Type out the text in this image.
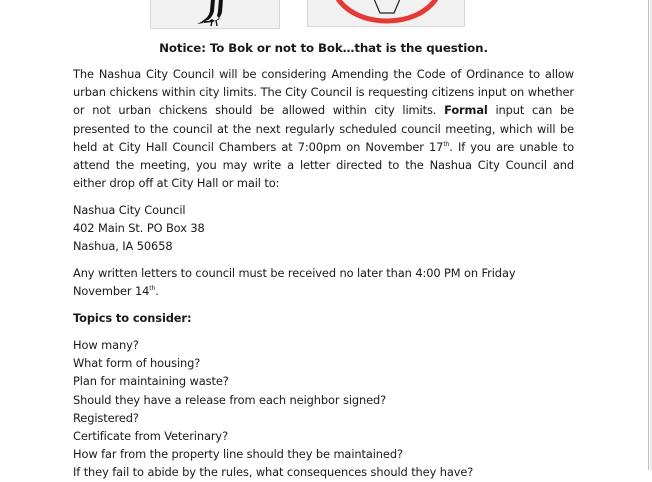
Notice: To Bok or not to Bok…that is the question.

The Nashua City Council will be considering Amending the Code of Ordinance to allow urban chickens within city limits. The City Council is requesting citizens input on whether or not urban chickens should be allowed within city limits. Formal input can be presented to the council at the next regularly scheduled council meeting, which will be held at City Hall Council Chambers at 7:00pm on November 17th. If you are unable to attend the meeting, you may write a letter directed to the Nashua City Council and either drop off at City Hall or mail to:

Nashua City Council
402 Main St. PO Box 38
Nashua, IA 50658

Any written letters to council must be received no later than 4:00 PM on Friday November 14th.

Topics to consider:
How many?
What form of housing?
Plan for maintaining waste?
Should they have a release from each neighbor signed?
Registered?
Certificate from Veterinary?
How far from the property line should they be maintained?
If they fail to abide by the rules, what consequences should they have?
